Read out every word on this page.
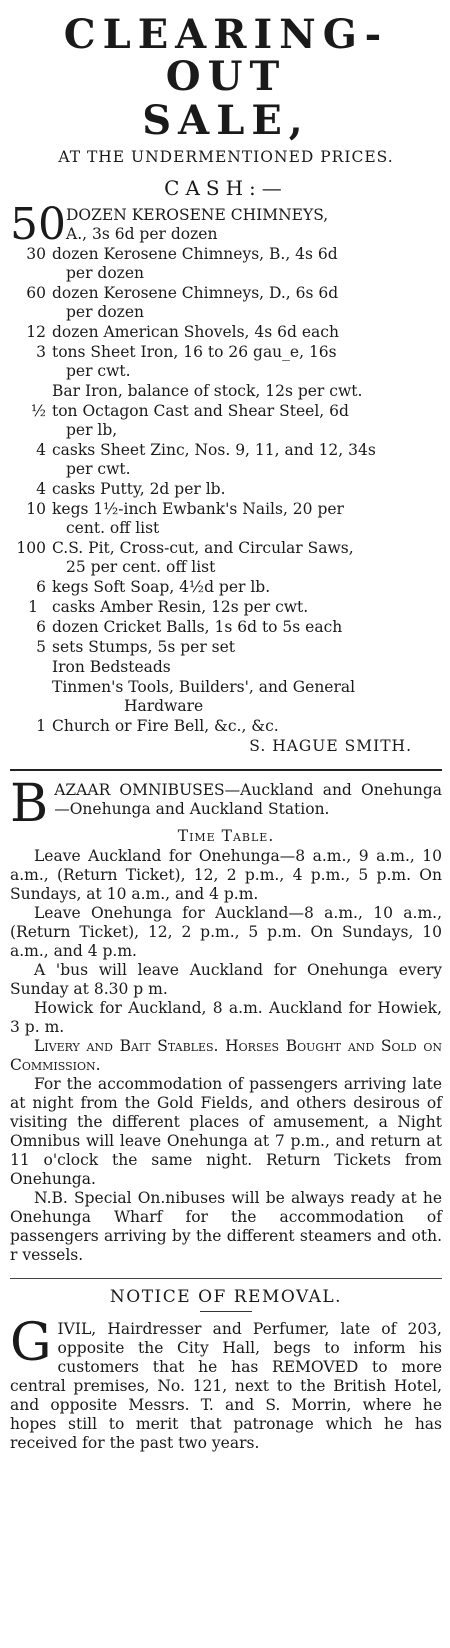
CLEARING-OUT
SALE,
AT THE UNDERMENTIONED PRICES.
CASH:—
50 DOZEN KEROSENE CHIMNEYS,
A., 3s 6d per dozen
30 dozen Kerosene Chimneys, B., 4s 6d
per dozen
60 dozen Kerosene Chimneys, D., 6s 6d
per dozen
12 dozen American Shovels, 4s 6d each
3 tons Sheet Iron, 16 to 26 gau_e, 16s
per cwt.
Bar Iron, balance of stock, 12s per cwt.
½ ton Octagon Cast and Shear Steel, 6d
per lb,
4 casks Sheet Zinc, Nos. 9, 11, and 12, 34s
per cwt.
4 casks Putty, 2d per lb.
10 kegs 1½-inch Ewbank's Nails, 20 per
cent. off list
100 C.S. Pit, Cross-cut, and Circular Saws,
25 per cent. off list
6 kegs Soft Soap, 4½d per lb.
1 casks Amber Resin, 12s per cwt.
6 dozen Cricket Balls, 1s 6d to 5s each
5 sets Stumps, 5s per set
Iron Bedsteads
Tinmen's Tools, Builders', and General
Hardware
1 Church or Fire Bell, &c., &c.
S. HAGUE SMITH.
B AZAAR OMNIBUSES—Auckland and Onehunga—Onehunga and Auckland Station.
Time Table.

Leave Auckland for Onehunga—8 a.m., 9 a.m., 10 a.m., (Return Ticket), 12, 2 p.m., 4 p.m., 5 p.m. On Sundays, at 10 a.m., and 4 p.m.

Leave Onehunga for Auckland—8 a.m., 10 a.m., (Return Ticket), 12, 2 p.m., 5 p.m. On Sundays, 10 a.m., and 4 p.m.

A 'bus will leave Auckland for Onehunga every Sunday at 8.30 p m.

Howick for Auckland, 8 a.m. Auckland for Howiek, 3 p. m.

Livery and Bait Stables. Horses Bought and Sold on Commission.

For the accommodation of passengers arriving late at night from the Gold Fields, and others desirous of visiting the different places of amusement, a Night Omnibus will leave Onehunga at 7 p.m., and return at 11 o'clock the same night. Return Tickets from Onehunga.

N.B. Special On.nibuses will be always ready at he Onehunga Wharf for the accommodation of passengers arriving by the different steamers and oth. r vessels.

NOTICE OF REMOVAL.
G IVIL, Hairdresser and Perfumer, late of 203, opposite the City Hall, begs to inform his customers that he has REMOVED to more central premises, No. 121, next to the British Hotel, and opposite Messrs. T. and S. Morrin, where he hopes still to merit that patronage which he has received for the past two years.
